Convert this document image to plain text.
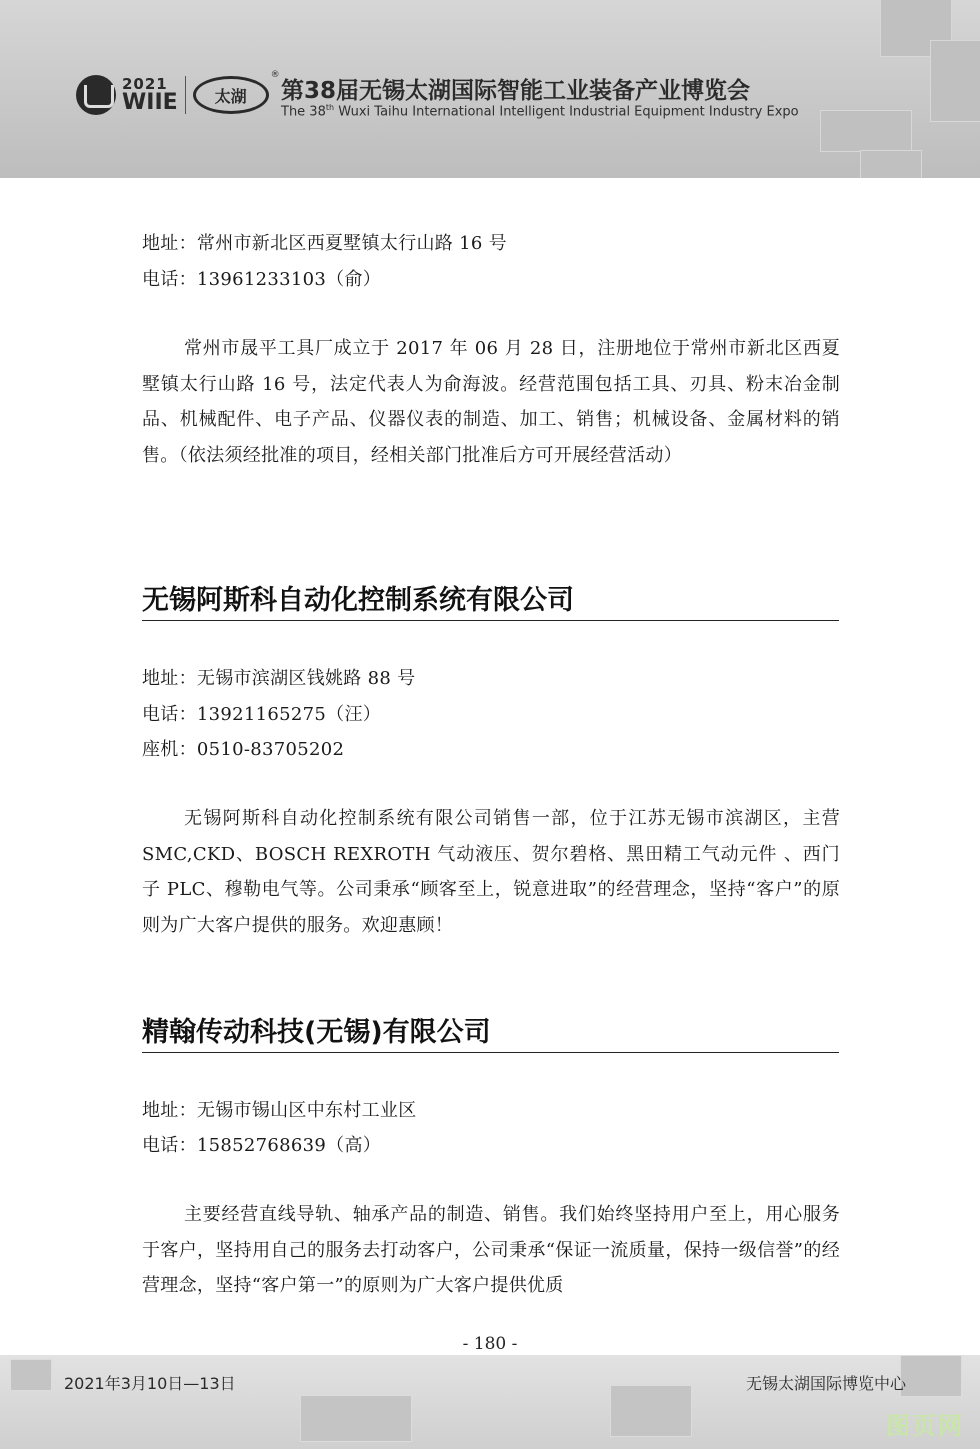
2021
WIIE 太湖
®
第38届无锡太湖国际智能工业装备产业博览会
The 38th Wuxi Taihu International Intelligent Industrial Equipment Industry Expo
地址：常州市新北区西夏墅镇太行山路 16 号
电话：13961233103（俞）
常州市晟平工具厂成立于 2017 年 06 月 28 日，注册地位于常州市新北区西夏墅镇太行山路 16 号，法定代表人为俞海波。经营范围包括工具、刃具、粉末冶金制品、机械配件、电子产品、仪器仪表的制造、加工、销售；机械设备、金属材料的销售。（依法须经批准的项目，经相关部门批准后方可开展经营活动）
无锡阿斯科自动化控制系统有限公司
地址：无锡市滨湖区钱姚路 88 号
电话：13921165275（汪）
座机：0510-83705202
无锡阿斯科自动化控制系统有限公司销售一部，位于江苏无锡市滨湖区，主营 SMC,CKD、BOSCH REXROTH 气动液压、贺尔碧格、黑田精工气动元件 、西门子 PLC、穆勒电气等。公司秉承“顾客至上，锐意进取”的经营理念，坚持“客户”的原则为广大客户提供的服务。欢迎惠顾！
精翰传动科技(无锡)有限公司
地址：无锡市锡山区中东村工业区
电话：15852768639（高）
主要经营直线导轨、轴承产品的制造、销售。我们始终坚持用户至上，用心服务于客户，坚持用自己的服务去打动客户，公司秉承“保证一流质量，保持一级信誉”的经营理念，坚持“客户第一”的原则为广大客户提供优质
- 180 -
2021年3月10日—13日	无锡太湖国际博览中心
图页网
